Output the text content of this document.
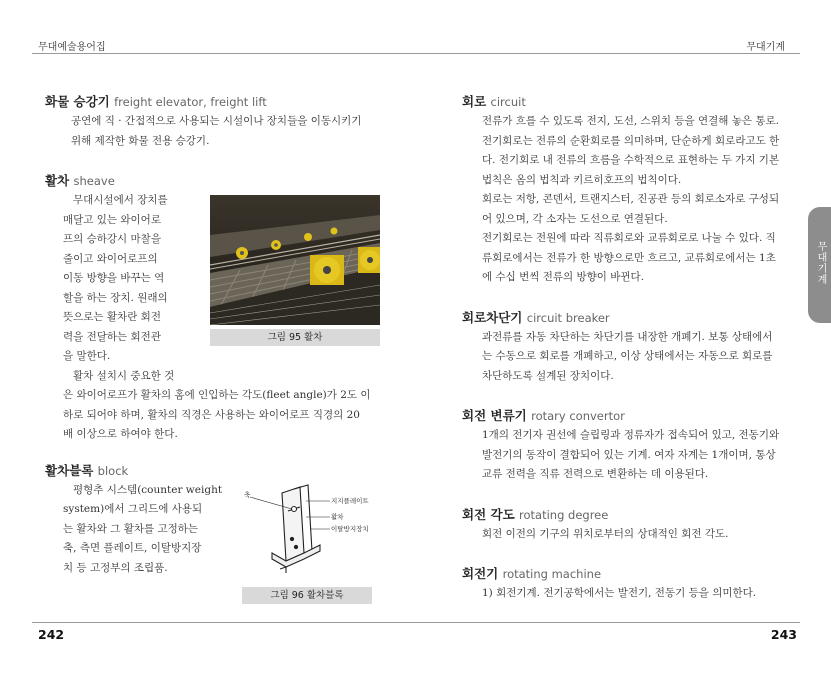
무대예술용어집	무대기계
무대기계
화물 승강기 freight elevator, freight lift

공연에 직 · 간접적으로 사용되는 시설이나 장치들을 이동시키기

위해 제작한 화물 전용 승강기.

활차 sheave

무대시설에서 장치를

매달고 있는 와이어로

프의 승하강시 마찰을

줄이고 와이어로프의

이동 방향을 바꾸는 역

할을 하는 장치. 원래의

뜻으로는 활차란 회전

력을 전달하는 회전관

을 말한다.

활차 설치시 중요한 것

그림 95 활차

은 와이어로프가 활차의 홈에 인입하는 각도(fleet angle)가 2도 이

하로 되어야 하며, 활차의 직경은 사용하는 와이어로프 직경의 20

배 이상으로 하여야 한다.

활차블록 block

평형추 시스템(counter weight

system)에서 그리드에 사용되

는 활차와 그 활차를 고정하는

축, 측면 플레이트, 이탈방지장

치 등 고정부의 조립품.

축
지지플레이트
활차
이탈방지장치
그림 96 활차블록
회로 circuit

전류가 흐를 수 있도록 전지, 도선, 스위치 등을 연결해 놓은 통로.

전기회로는 전류의 순환회로를 의미하며, 단순하게 회로라고도 한

다. 전기회로 내 전류의 흐름을 수학적으로 표현하는 두 가지 기본

법칙은 옴의 법칙과 키르히호프의 법칙이다.

회로는 저항, 콘덴서, 트랜지스터, 진공관 등의 회로소자로 구성되

어 있으며, 각 소자는 도선으로 연결된다.

전기회로는 전원에 따라 직류회로와 교류회로로 나눌 수 있다. 직

류회로에서는 전류가 한 방향으로만 흐르고, 교류회로에서는 1초

에 수십 번씩 전류의 방향이 바뀐다.

회로차단기 circuit breaker

과전류를 자동 차단하는 차단기를 내장한 개폐기. 보통 상태에서

는 수동으로 회로를 개폐하고, 이상 상태에서는 자동으로 회로를

차단하도록 설계된 장치이다.

회전 변류기 rotary convertor

1개의 전기자 권선에 슬립링과 정류자가 접속되어 있고, 전동기와

발전기의 동작이 결합되어 있는 기계. 여자 자계는 1개이며, 통상

교류 전력을 직류 전력으로 변환하는 데 이용된다.

회전 각도 rotating degree

회전 이전의 기구의 위치로부터의 상대적인 회전 각도.

회전기 rotating machine

1) 회전기계. 전기공학에서는 발전기, 전동기 등을 의미한다.

242	243
